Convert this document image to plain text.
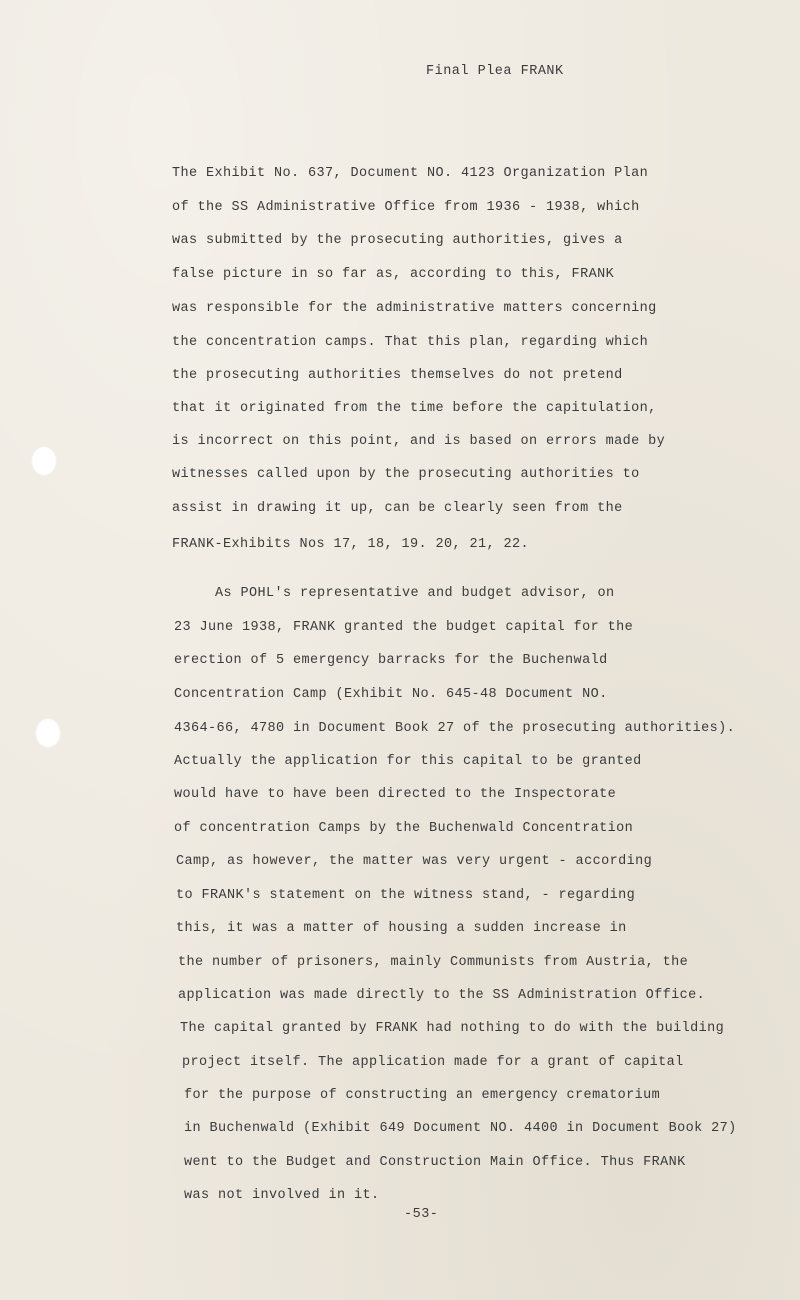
Final Plea FRANK
The Exhibit No. 637, Document NO. 4123 Organization Plan
of the SS Administrative Office from 1936 - 1938, which
was submitted by the prosecuting authorities, gives a
false picture in so far as, according to this, FRANK
was responsible for the administrative matters concerning
the concentration camps. That this plan, regarding which
the prosecuting authorities themselves do not pretend
that it originated from the time before the capitulation,
is incorrect on this point, and is based on errors made by
witnesses called upon by the prosecuting authorities to
assist in drawing it up, can be clearly seen from the
FRANK-Exhibits Nos 17, 18, 19. 20, 21, 22.
As POHL's representative and budget advisor, on
23 June 1938, FRANK granted the budget capital for the
erection of 5 emergency barracks for the Buchenwald
Concentration Camp (Exhibit No. 645-48 Document NO.
4364-66, 4780 in Document Book 27 of the prosecuting authorities).
Actually the application for this capital to be granted
would have to have been directed to the Inspectorate
of concentration Camps by the Buchenwald Concentration
Camp, as however, the matter was very urgent - according
to FRANK's statement on the witness stand, - regarding
this, it was a matter of housing a sudden increase in
the number of prisoners, mainly Communists from Austria, the
application was made directly to the SS Administration Office.
The capital granted by FRANK had nothing to do with the building
project itself. The application made for a grant of capital
for the purpose of constructing an emergency crematorium
in Buchenwald (Exhibit 649 Document NO. 4400 in Document Book 27)
went to the Budget and Construction Main Office. Thus FRANK
was not involved in it.
-53-
